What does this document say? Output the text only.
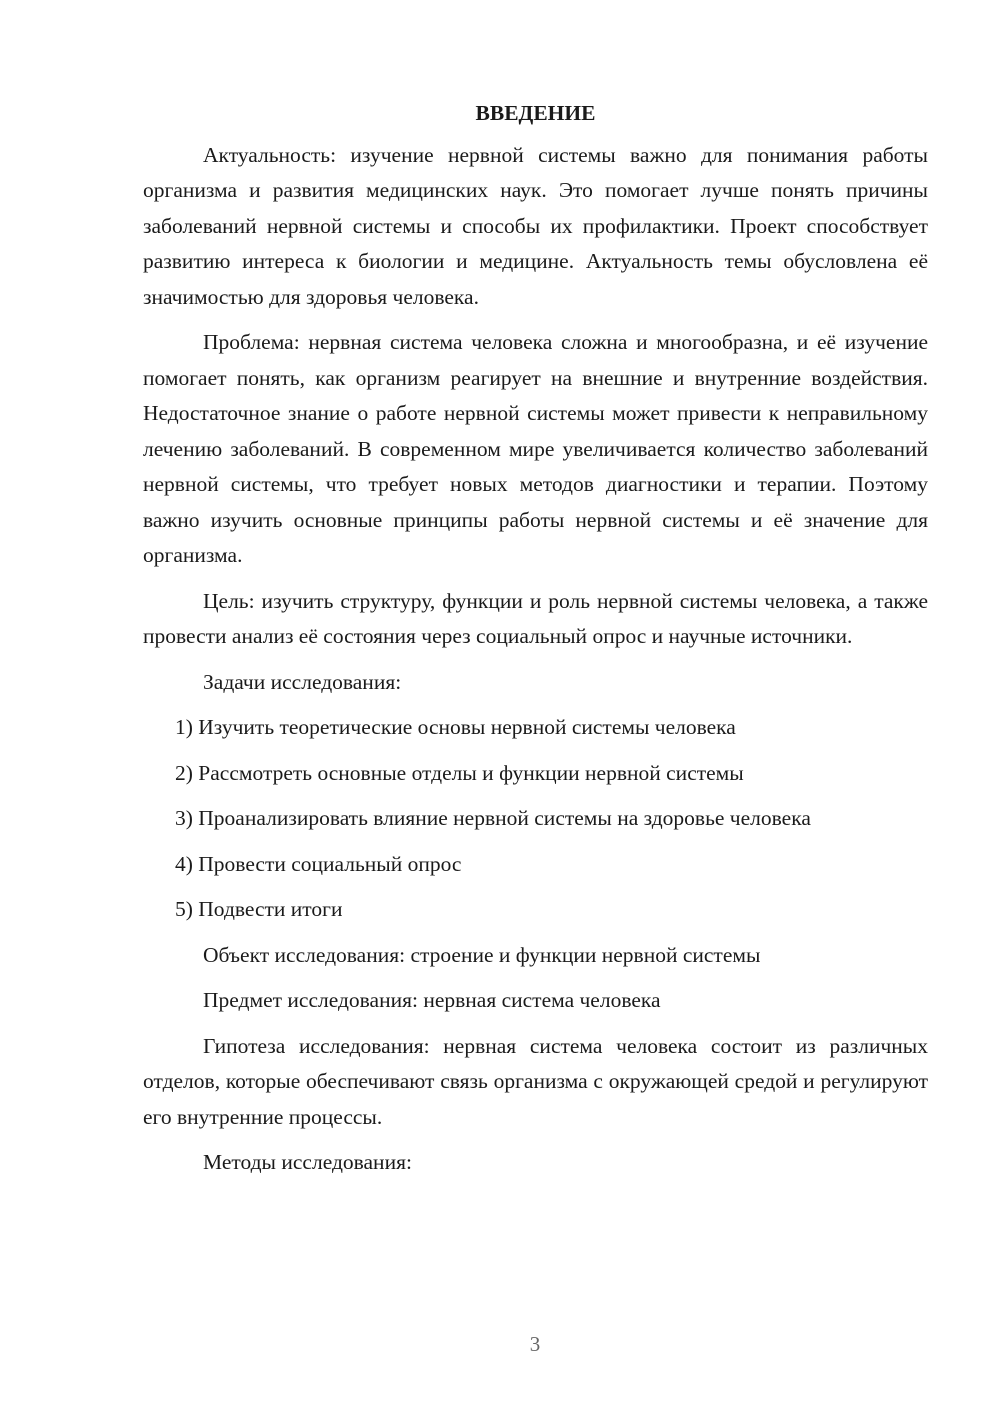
ВВЕДЕНИЕ

Актуальность: изучение нервной системы важно для понимания работы организма и развития медицинских наук. Это помогает лучше понять причины заболеваний нервной системы и способы их профилактики. Проект способствует развитию интереса к биологии и медицине. Актуальность темы обусловлена её значимостью для здоровья человека.

Проблема: нервная система человека сложна и многообразна, и её изучение помогает понять, как организм реагирует на внешние и внутренние воздействия. Недостаточное знание о работе нервной системы может привести к неправильному лечению заболеваний. В современном мире увеличивается количество заболеваний нервной системы, что требует новых методов диагностики и терапии. Поэтому важно изучить основные принципы работы нервной системы и её значение для организма.

Цель: изучить структуру, функции и роль нервной системы человека, а также провести анализ её состояния через социальный опрос и научные источники.

Задачи исследования:

1) Изучить теоретические основы нервной системы человека
2) Рассмотреть основные отделы и функции нервной системы
3) Проанализировать влияние нервной системы на здоровье человека
4) Провести социальный опрос
5) Подвести итоги

Объект исследования: строение и функции нервной системы

Предмет исследования: нервная система человека

Гипотеза исследования: нервная система человека состоит из различных отделов, которые обеспечивают связь организма с окружающей средой и регулируют его внутренние процессы.

Методы исследования:

3
